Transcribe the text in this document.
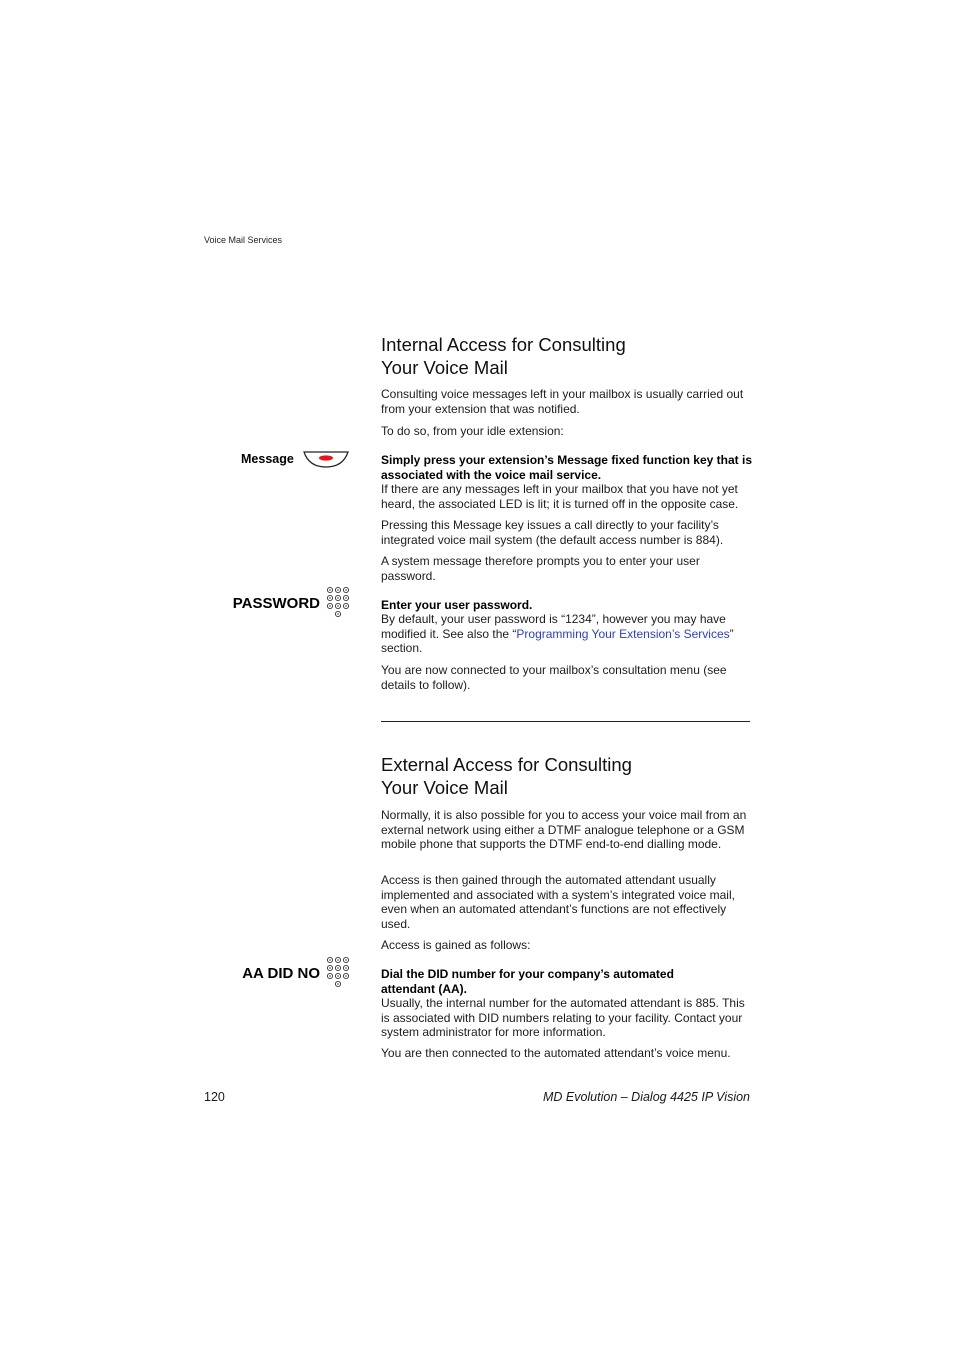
Voice Mail Services
Internal Access for Consulting
Your Voice Mail

Consulting voice messages left in your mailbox is usually carried out from your extension that was notified.

To do so, from your idle extension:

Message	Simply press your extension’s Message fixed function key that is associated with the voice mail service.

If there are any messages left in your mailbox that you have not yet heard, the associated LED is lit; it is turned off in the opposite case.

Pressing this Message key issues a call directly to your facility’s integrated voice mail system (the default access number is 884).

A system message therefore prompts you to enter your user password.

PASSWORD	Enter your user password.

By default, your user password is “1234”, however you may have modified it. See also the “Programming Your Extension’s Services” section.

You are now connected to your mailbox’s consultation menu (see details to follow).

External Access for Consulting
Your Voice Mail

Normally, it is also possible for you to access your voice mail from an external network using either a DTMF analogue telephone or a GSM mobile phone that supports the DTMF end-to-end dialling mode.

Access is then gained through the automated attendant usually implemented and associated with a system’s integrated voice mail, even when an automated attendant’s functions are not effectively used.

Access is gained as follows:

AA DID NO	Dial the DID number for your company’s automated attendant (AA).

Usually, the internal number for the automated attendant is 885. This is associated with DID numbers relating to your facility. Contact your system administrator for more information.

You are then connected to the automated attendant’s voice menu.

120	MD Evolution – Dialog 4425 IP Vision
